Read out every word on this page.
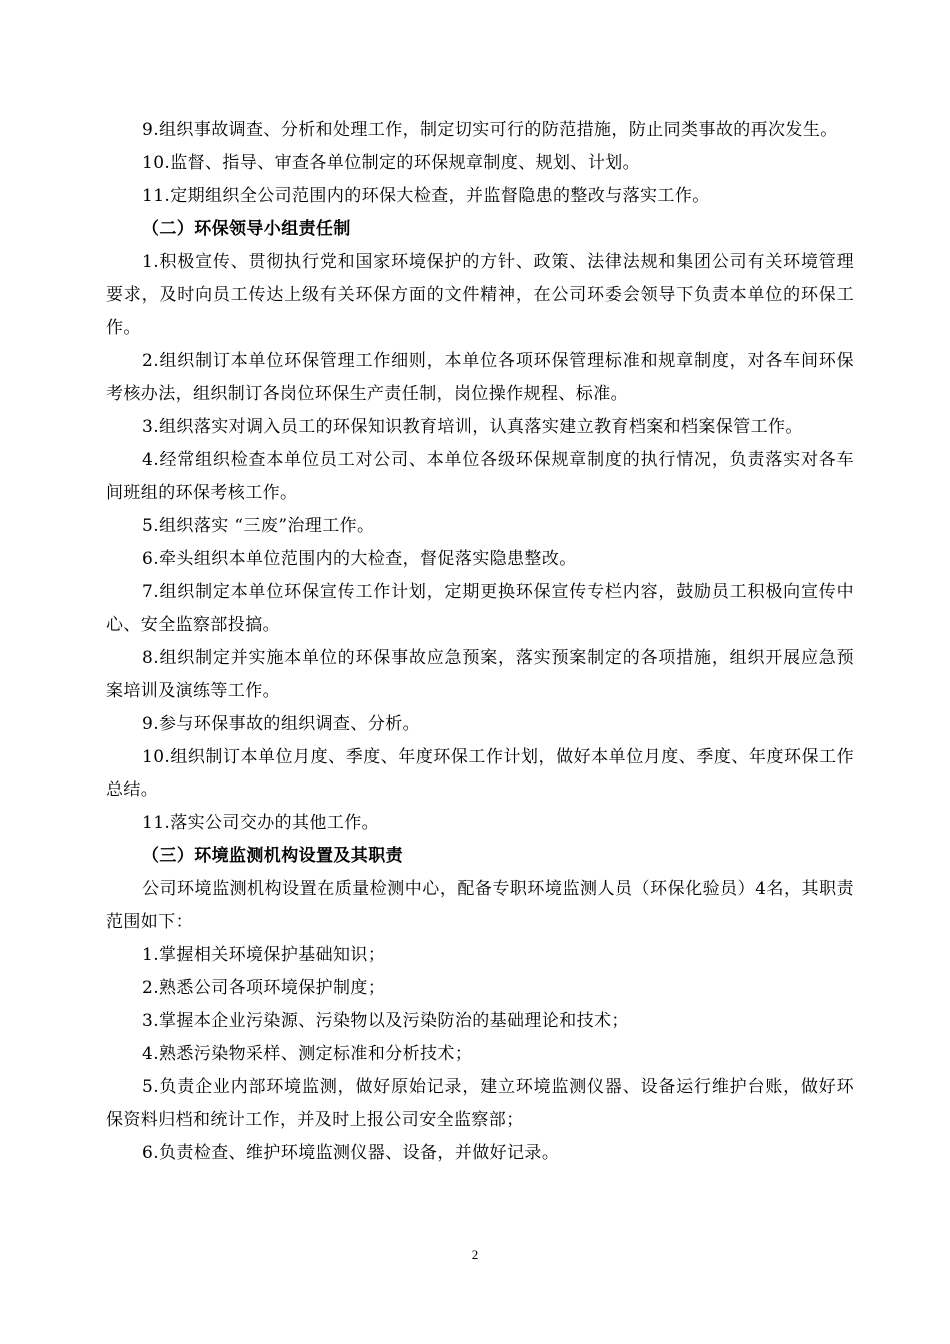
9.组织事故调查、分析和处理工作，制定切实可行的防范措施，防止同类事故的再次发生。

10.监督、指导、审查各单位制定的环保规章制度、规划、计划。

11.定期组织全公司范围内的环保大检查，并监督隐患的整改与落实工作。

（二）环保领导小组责任制

1.积极宣传、贯彻执行党和国家环境保护的方针、政策、法律法规和集团公司有关环境管理要求，及时向员工传达上级有关环保方面的文件精神，在公司环委会领导下负责本单位的环保工作。

2.组织制订本单位环保管理工作细则，本单位各项环保管理标准和规章制度，对各车间环保考核办法，组织制订各岗位环保生产责任制，岗位操作规程、标准。

3.组织落实对调入员工的环保知识教育培训，认真落实建立教育档案和档案保管工作。

4.经常组织检查本单位员工对公司、本单位各级环保规章制度的执行情况，负责落实对各车间班组的环保考核工作。

5.组织落实 “三废”治理工作。

6.牵头组织本单位范围内的大检查，督促落实隐患整改。

7.组织制定本单位环保宣传工作计划，定期更换环保宣传专栏内容，鼓励员工积极向宣传中心、安全监察部投搞。

8.组织制定并实施本单位的环保事故应急预案，落实预案制定的各项措施，组织开展应急预案培训及演练等工作。

9.参与环保事故的组织调查、分析。

10.组织制订本单位月度、季度、年度环保工作计划，做好本单位月度、季度、年度环保工作总结。

11.落实公司交办的其他工作。

（三）环境监测机构设置及其职责

公司环境监测机构设置在质量检测中心，配备专职环境监测人员（环保化验员）4名，其职责范围如下：

1.掌握相关环境保护基础知识；

2.熟悉公司各项环境保护制度；

3.掌握本企业污染源、污染物以及污染防治的基础理论和技术；

4.熟悉污染物采样、测定标准和分析技术；

5.负责企业内部环境监测，做好原始记录，建立环境监测仪器、设备运行维护台账，做好环保资料归档和统计工作，并及时上报公司安全监察部；

6.负责检查、维护环境监测仪器、设备，并做好记录。

2
